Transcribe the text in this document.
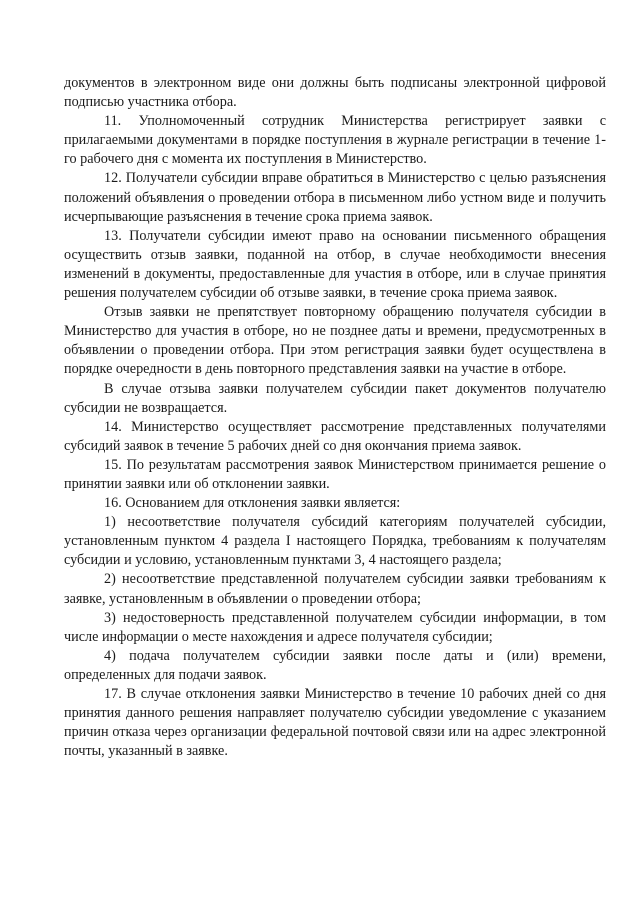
документов в электронном виде они должны быть подписаны электронной цифровой подписью участника отбора.

11. Уполномоченный сотрудник Министерства регистрирует заявки с прилагаемыми документами в порядке поступления в журнале регистрации в течение 1-го рабочего дня с момента их поступления в Министерство.

12. Получатели субсидии вправе обратиться в Министерство с целью разъяснения положений объявления о проведении отбора в письменном либо устном виде и получить исчерпывающие разъяснения в течение срока приема заявок.

13. Получатели субсидии имеют право на основании письменного обращения осуществить отзыв заявки, поданной на отбор, в случае необходимости внесения изменений в документы, предоставленные для участия в отборе, или в случае принятия решения получателем субсидии об отзыве заявки, в течение срока приема заявок.

Отзыв заявки не препятствует повторному обращению получателя субсидии в Министерство для участия в отборе, но не позднее даты и времени, предусмотренных в объявлении о проведении отбора. При этом регистрация заявки будет осуществлена в порядке очередности в день повторного представления заявки на участие в отборе.

В случае отзыва заявки получателем субсидии пакет документов получателю субсидии не возвращается.

14. Министерство осуществляет рассмотрение представленных получателями субсидий заявок в течение 5 рабочих дней со дня окончания приема заявок.

15. По результатам рассмотрения заявок Министерством принимается решение о принятии заявки или об отклонении заявки.

16. Основанием для отклонения заявки является:

1) несоответствие получателя субсидий категориям получателей субсидии, установленным пунктом 4 раздела I настоящего Порядка, требованиям к получателям субсидии и условию, установленным пунктами 3, 4 настоящего раздела;

2) несоответствие представленной получателем субсидии заявки требованиям к заявке, установленным в объявлении о проведении отбора;

3) недостоверность представленной получателем субсидии информации, в том числе информации о месте нахождения и адресе получателя субсидии;

4) подача получателем субсидии заявки после даты и (или) времени, определенных для подачи заявок.

17. В случае отклонения заявки Министерство в течение 10 рабочих дней со дня принятия данного решения направляет получателю субсидии уведомление с указанием причин отказа через организации федеральной почтовой связи или на адрес электронной почты, указанный в заявке.
